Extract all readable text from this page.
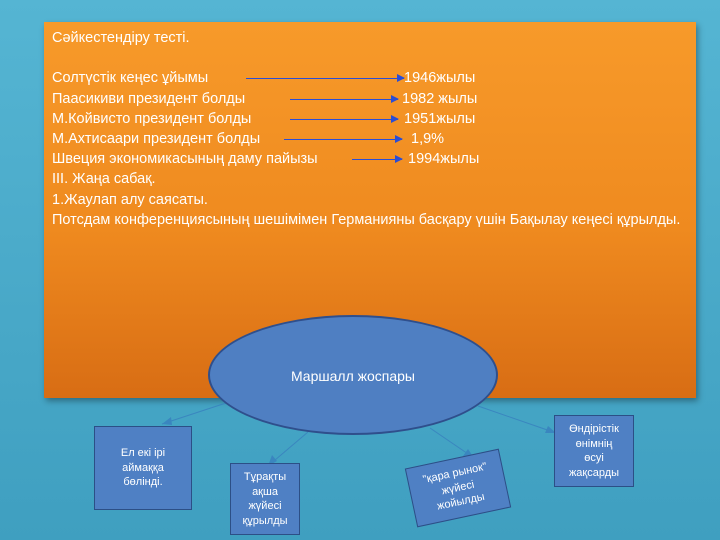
Сәйкестендіру тесті.
Солтүстік кеңес ұйымы	1946жылы
Паасикиви президент болды	1982 жылы
М.Койвисто президент болды	1951жылы
М.Ахтисаари президент болды	1,9%
Швеция экономикасының даму пайызы	1994жылы
ІІІ. Жаңа сабақ.
1.Жаулап алу саясаты.
Потсдам конференциясының шешімімен Германияны басқару үшін Бақылау кеңесі құрылды.
Маршалл жоспары
Ел екі ірі
аймаққа
бөлінді.	Тұрақты
ақша
жүйесі
құрылды
"қара рынок"
жүйесі
жойылды
Өндірістік
өнімнің
өсуі
жақсарды
